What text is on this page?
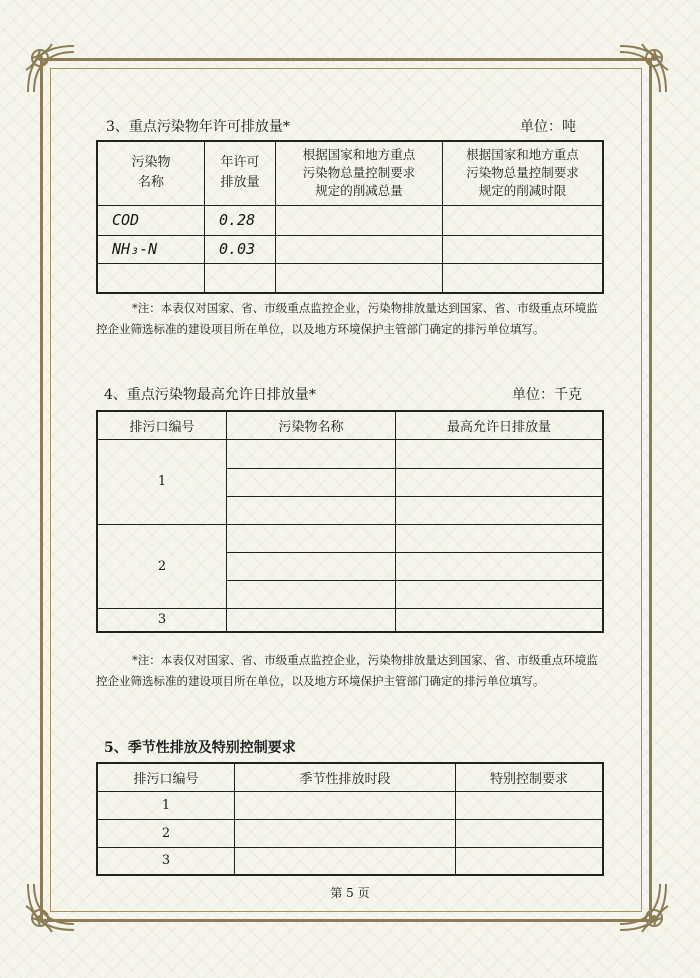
3、重点污染物年许可排放量*	单位：吨
污染物
名称	年许可
排放量	根据国家和地方重点
污染物总量控制要求
规定的削减总量	根据国家和地方重点
污染物总量控制要求
规定的削减时限
COD	0.28		
NH₃-N	0.03		

*注：本表仅对国家、省、市级重点监控企业，污染物排放量达到国家、省、市级重点环境监控企业筛选标准的建设项目所在单位，以及地方环境保护主管部门确定的排污单位填写。
4、重点污染物最高允许日排放量*	单位：千克
排污口编号	污染物名称	最高允许日排放量
1		

2		

3		
*注：本表仅对国家、省、市级重点监控企业，污染物排放量达到国家、省、市级重点环境监控企业筛选标准的建设项目所在单位，以及地方环境保护主管部门确定的排污单位填写。
5、季节性排放及特别控制要求
排污口编号	季节性排放时段	特别控制要求
1		
2		
3		
第 5 页
